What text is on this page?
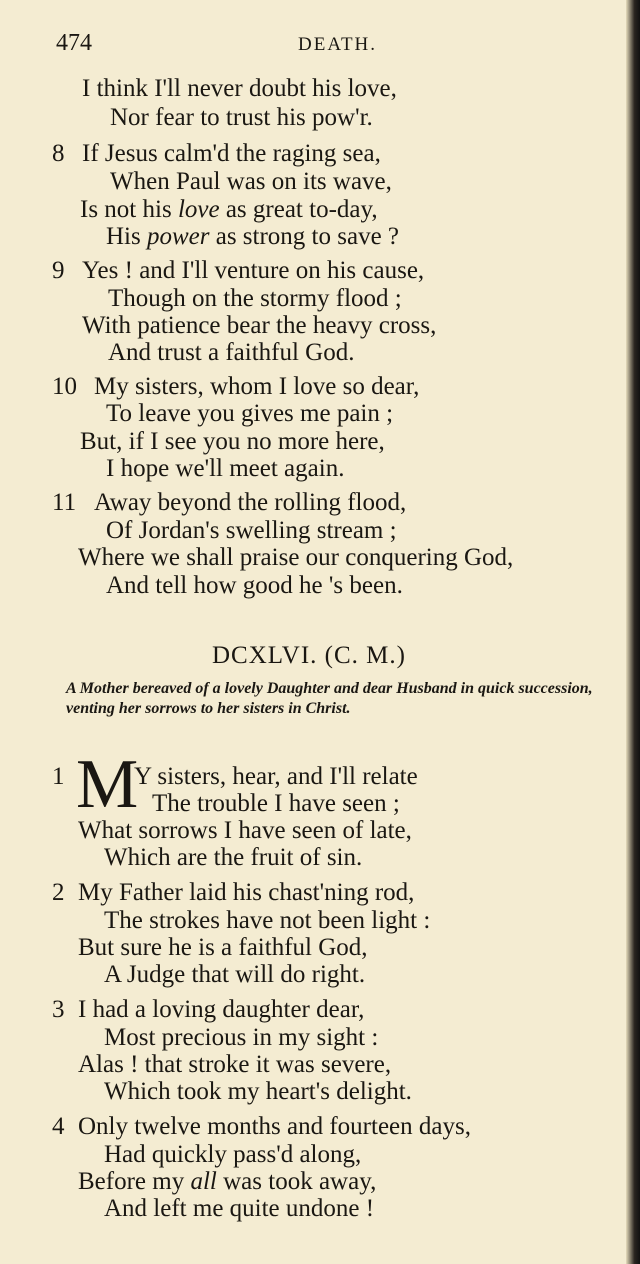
474	DEATH.
I think I'll never doubt his love,
Nor fear to trust his pow'r.
8 If Jesus calm'd the raging sea,
When Paul was on its wave,
Is not his love as great to-day,
His power as strong to save ?
9 Yes ! and I'll venture on his cause,
Though on the stormy flood ;
With patience bear the heavy cross,
And trust a faithful God.
10 My sisters, whom I love so dear,
To leave you gives me pain ;
But, if I see you no more here,
I hope we'll meet again.
11 Away beyond the rolling flood,
Of Jordan's swelling stream ;
Where we shall praise our conquering God,
And tell how good he 's been.
DCXLVI. (C. M.)
A Mother bereaved of a lovely Daughter and dear Husband in quick succession, venting her sorrows to her sisters in Christ.
1 M
Y sisters, hear, and I'll relate
The trouble I have seen ;
What sorrows I have seen of late,
Which are the fruit of sin.
2 My Father laid his chast'ning rod,
The strokes have not been light :
But sure he is a faithful God,
A Judge that will do right.
3 I had a loving daughter dear,
Most precious in my sight :
Alas ! that stroke it was severe,
Which took my heart's delight.
4 Only twelve months and fourteen days,
Had quickly pass'd along,
Before my all was took away,
And left me quite undone !
